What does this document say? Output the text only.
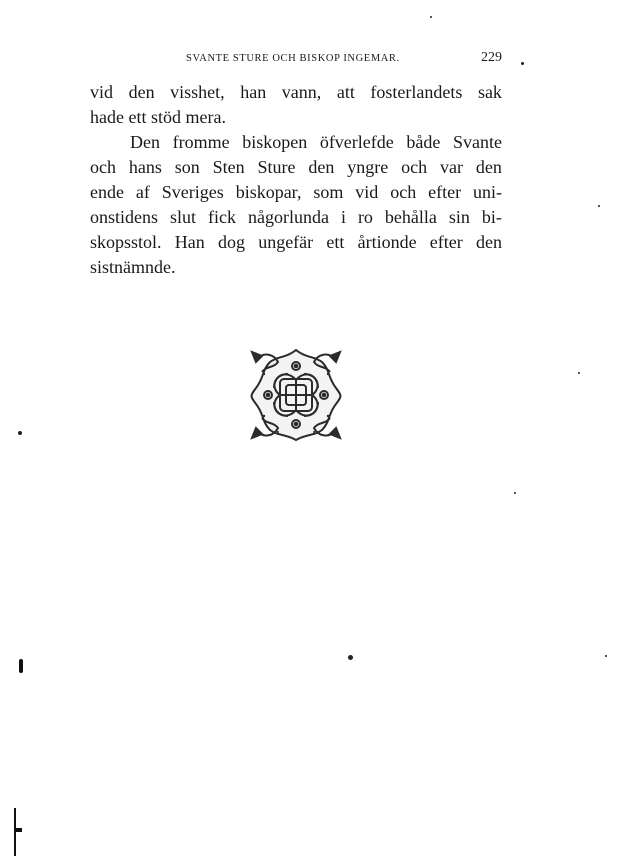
SVANTE STURE OCH BISKOP INGEMAR.	229
vid den visshet, han vann, att fosterlandets sak
hade ett stöd mera.
Den fromme biskopen öfverlefde både Svante
och hans son Sten Sture den yngre och var den
ende af Sveriges biskopar, som vid och efter uni-
onstidens slut fick någorlunda i ro behålla sin bi-
skopsstol. Han dog ungefär ett årtionde efter den
sistnämnde.
